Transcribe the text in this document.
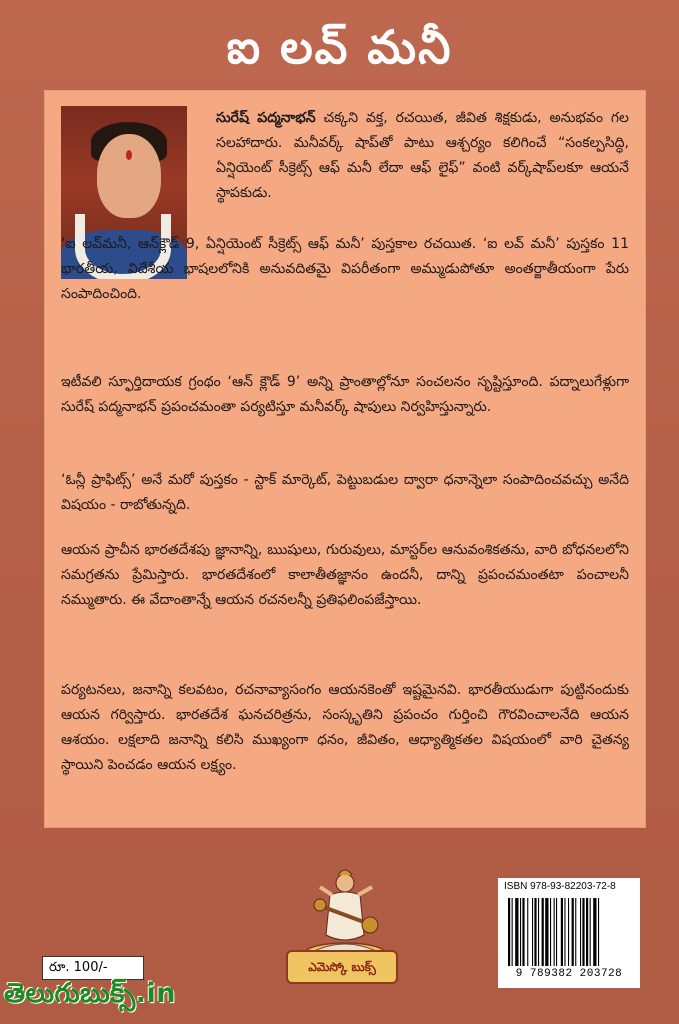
ఐ లవ్ మనీ

సురేష్ పద్మనాభన్ చక్కని వక్త, రచయిత, జీవిత శిక్షకుడు, అనుభవం గల సలహాదారు. మనీవర్క్ షాప్‌తో పాటు ఆశ్చర్యం కలిగించే “సంకల్పసిద్ధి, ఏన్షియెంట్ సీక్రెట్స్ ఆఫ్ మనీ లేదా ఆఫ్ లైఫ్” వంటి వర్క్‌షాప్‌లకూ ఆయనే స్థాపకుడు.

‘ఐ లవ్‌మనీ, ఆన్‌క్లౌడ్ 9, ఏన్షియెంట్ సీక్రెట్స్ ఆఫ్ మనీ’ పుస్తకాల రచయిత. ‘ఐ లవ్ మనీ’ పుస్తకం 11 భారతీయ, విదేశీయ భాషలలోనికి అనువదితమై విపరీతంగా అమ్ముడుపోతూ అంతర్జాతీయంగా పేరు సంపాదించింది.

ఇటీవలి స్ఫూర్తిదాయక గ్రంథం ‘ఆన్ క్లౌడ్ 9’ అన్ని ప్రాంతాల్లోనూ సంచలనం సృష్టిస్తూంది. పద్నాలుగేళ్లుగా సురేష్ పద్మనాభన్ ప్రపంచమంతా పర్యటిస్తూ మనీవర్క్ షాపులు నిర్వహిస్తున్నారు.

‘ఓన్లీ ప్రాఫిట్స్’ అనే మరో పుస్తకం - స్టాక్ మార్కెట్, పెట్టుబడుల ద్వారా ధనాన్నెలా సంపాదించవచ్చు అనేది విషయం - రాబోతున్నది.

ఆయన ప్రాచీన భారతదేశపు జ్ఞానాన్ని, ఋషులు, గురువులు, మాస్టర్‌ల ఆనువంశికతను, వారి బోధనలలోని సమగ్రతను ప్రేమిస్తారు. భారతదేశంలో కాలాతీతజ్ఞానం ఉందనీ, దాన్ని ప్రపంచమంతటా పంచాలనీ నమ్ముతారు. ఈ వేదాంతాన్నే ఆయన రచనలన్నీ ప్రతిఫలింపజేస్తాయి.

పర్యటనలు, జనాన్ని కలవటం, రచనావ్యాసంగం ఆయనకెంతో ఇష్టమైనవి. భారతీయుడుగా పుట్టినందుకు ఆయన గర్విస్తారు. భారతదేశ ఘనచరిత్రను, సంస్కృతిని ప్రపంచం గుర్తించి గౌరవించాలనేది ఆయన ఆశయం. లక్షలాది జనాన్ని కలిసి ముఖ్యంగా ధనం, జీవితం, ఆధ్యాత్మికతల విషయంలో వారి చైతన్య స్థాయిని పెంచడం ఆయన లక్ష్యం.

ఎమెస్కో బుక్స్
రూ. 100/-
ISBN 978-93-82203-72-8
9 789382 203728
తెలుగుబుక్స్.in
